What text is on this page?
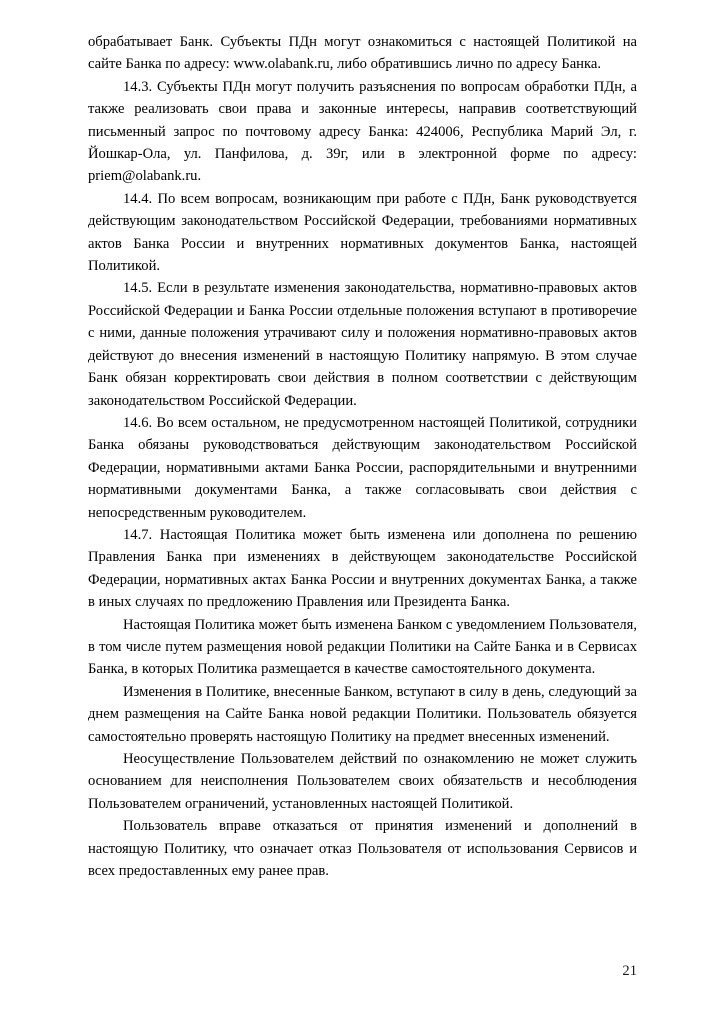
обрабатывает Банк. Субъекты ПДн могут ознакомиться с настоящей Политикой на сайте Банка по адресу: www.olabank.ru, либо обратившись лично по адресу Банка.

14.3. Субъекты ПДн могут получить разъяснения по вопросам обработки ПДн, а также реализовать свои права и законные интересы, направив соответствующий письменный запрос по почтовому адресу Банка: 424006, Республика Марий Эл, г. Йошкар-Ола, ул. Панфилова, д. 39г, или в электронной форме по адресу: priem@olabank.ru.

14.4. По всем вопросам, возникающим при работе с ПДн, Банк руководствуется действующим законодательством Российской Федерации, требованиями нормативных актов Банка России и внутренних нормативных документов Банка, настоящей Политикой.

14.5. Если в результате изменения законодательства, нормативно-правовых актов Российской Федерации и Банка России отдельные положения вступают в противоречие с ними, данные положения утрачивают силу и положения нормативно-правовых актов действуют до внесения изменений в настоящую Политику напрямую. В этом случае Банк обязан корректировать свои действия в полном соответствии с действующим законодательством Российской Федерации.

14.6. Во всем остальном, не предусмотренном настоящей Политикой, сотрудники Банка обязаны руководствоваться действующим законодательством Российской Федерации, нормативными актами Банка России, распорядительными и внутренними нормативными документами Банка, а также согласовывать свои действия с непосредственным руководителем.

14.7. Настоящая Политика может быть изменена или дополнена по решению Правления Банка при изменениях в действующем законодательстве Российской Федерации, нормативных актах Банка России и внутренних документах Банка, а также в иных случаях по предложению Правления или Президента Банка.

Настоящая Политика может быть изменена Банком с уведомлением Пользователя, в том числе путем размещения новой редакции Политики на Сайте Банка и в Сервисах Банка, в которых Политика размещается в качестве самостоятельного документа.

Изменения в Политике, внесенные Банком, вступают в силу в день, следующий за днем размещения на Сайте Банка новой редакции Политики. Пользователь обязуется самостоятельно проверять настоящую Политику на предмет внесенных изменений.

Неосуществление Пользователем действий по ознакомлению не может служить основанием для неисполнения Пользователем своих обязательств и несоблюдения Пользователем ограничений, установленных настоящей Политикой.

Пользователь вправе отказаться от принятия изменений и дополнений в настоящую Политику, что означает отказ Пользователя от использования Сервисов и всех предоставленных ему ранее прав.

21
